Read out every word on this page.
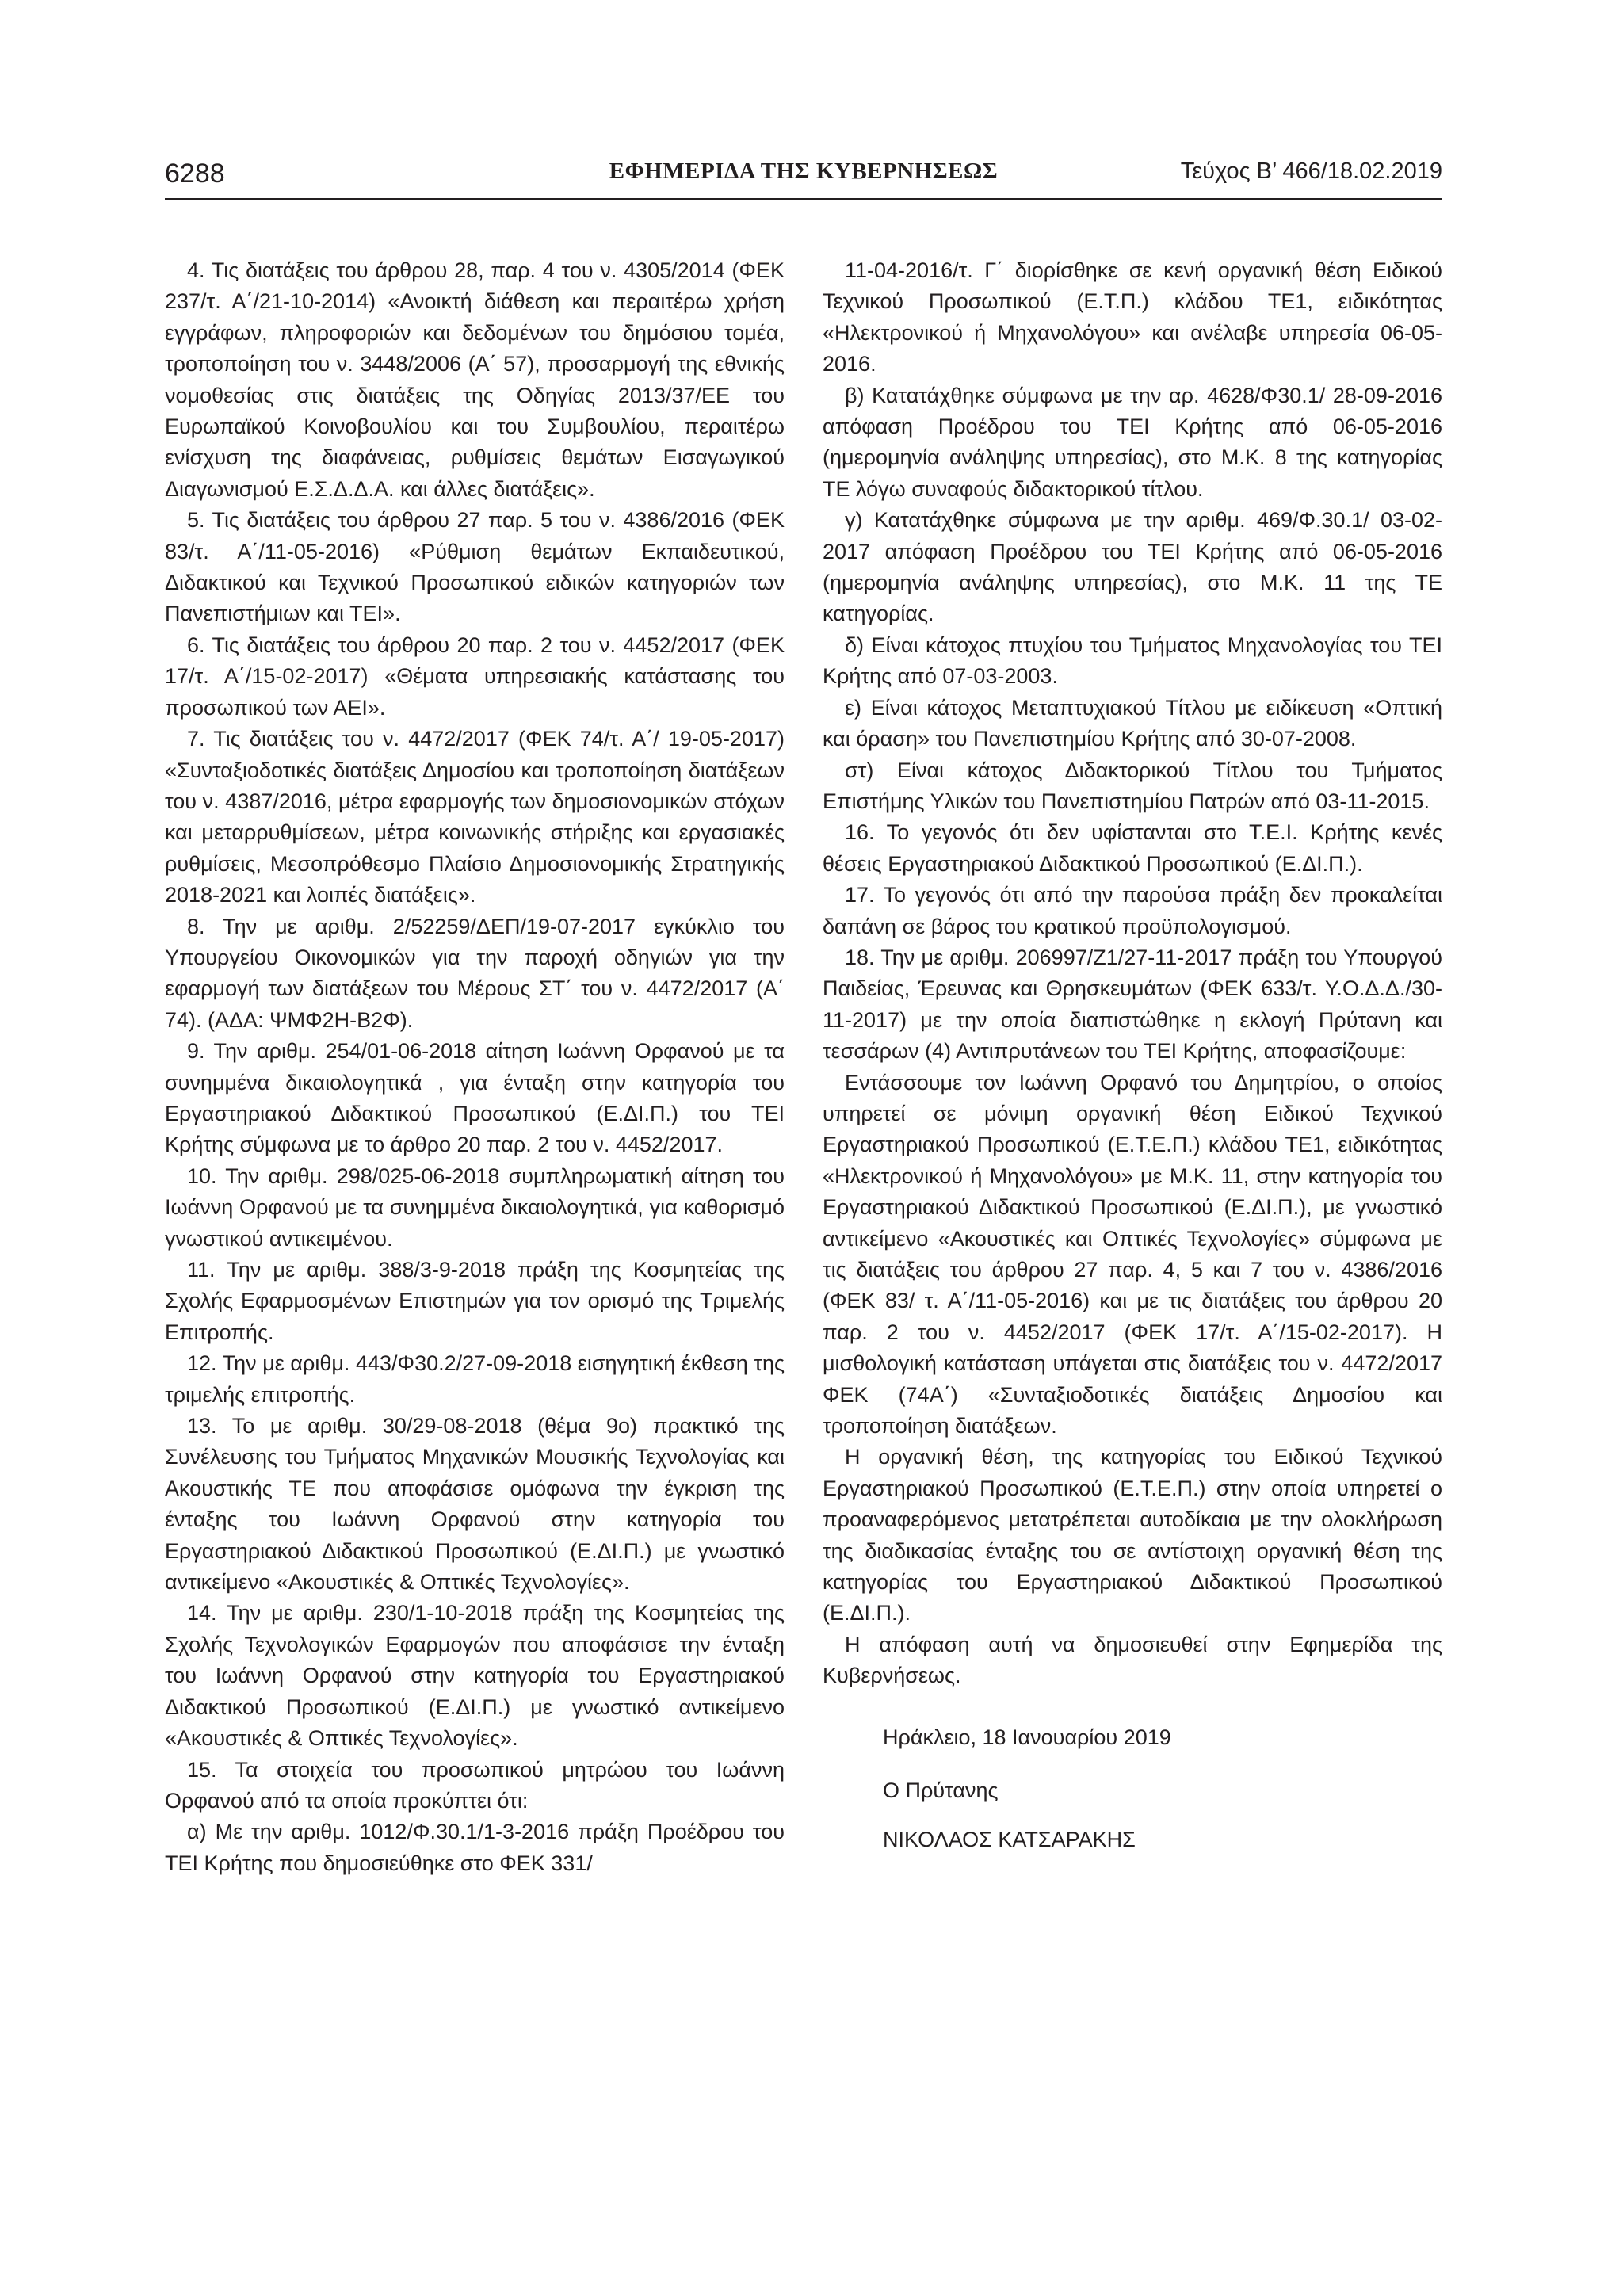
6288	ΕΦΗΜΕΡΙΔΑ ΤΗΣ ΚΥΒΕΡΝΗΣΕΩΣ	Τεύχος Β’ 466/18.02.2019

4. Τις διατάξεις του άρθρου 28, παρ. 4 του ν. 4305/2014 (ΦΕΚ 237/τ. Α΄/21-10-2014) «Ανοικτή διάθεση και περαιτέρω χρήση εγγράφων, πληροφοριών και δεδομένων του δημόσιου τομέα, τροποποίηση του ν. 3448/2006 (Α΄ 57), προσαρμογή της εθνικής νομοθεσίας στις διατάξεις της Οδηγίας 2013/37/ΕΕ του Ευρωπαϊκού Κοινοβουλίου και του Συμβουλίου, περαιτέρω ενίσχυση της διαφάνειας, ρυθμίσεις θεμάτων Εισαγωγικού Διαγωνισμού Ε.Σ.Δ.Δ.Α. και άλλες διατάξεις».

5. Τις διατάξεις του άρθρου 27 παρ. 5 του ν. 4386/2016 (ΦΕΚ 83/τ. Α΄/11-05-2016) «Ρύθμιση θεμάτων Εκπαιδευτικού, Διδακτικού και Τεχνικού Προσωπικού ειδικών κατηγοριών των Πανεπιστήμιων και ΤΕΙ».

6. Τις διατάξεις του άρθρου 20 παρ. 2 του ν. 4452/2017 (ΦΕΚ 17/τ. Α΄/15-02-2017) «Θέματα υπηρεσιακής κατάστασης του προσωπικού των ΑΕΙ».

7. Τις διατάξεις του ν. 4472/2017 (ΦΕΚ 74/τ. Α΄/ 19-05-2017) «Συνταξιοδοτικές διατάξεις Δημοσίου και τροποποίηση διατάξεων του ν. 4387/2016, μέτρα εφαρμογής των δημοσιονομικών στόχων και μεταρρυθμίσεων, μέτρα κοινωνικής στήριξης και εργασιακές ρυθμίσεις, Μεσοπρόθεσμο Πλαίσιο Δημοσιονομικής Στρατηγικής 2018-2021 και λοιπές διατάξεις».

8. Την με αριθμ. 2/52259/ΔΕΠ/19-07-2017 εγκύκλιο του Υπουργείου Οικονομικών για την παροχή οδηγιών για την εφαρμογή των διατάξεων του Μέρους ΣΤ΄ του ν. 4472/2017 (Α΄ 74). (ΑΔΑ: ΨΜΦ2Η-Β2Φ).

9. Την αριθμ. 254/01-06-2018 αίτηση Ιωάννη Ορφανού με τα συνημμένα δικαιολογητικά , για ένταξη στην κατηγορία του Εργαστηριακού Διδακτικού Προσωπικού (Ε.ΔΙ.Π.) του ΤΕΙ Κρήτης σύμφωνα με το άρθρο 20 παρ. 2 του ν. 4452/2017.

10. Την αριθμ. 298/025-06-2018 συμπληρωματική αίτηση του Ιωάννη Ορφανού με τα συνημμένα δικαιολογητικά, για καθορισμό γνωστικού αντικειμένου.

11. Την με αριθμ. 388/3-9-2018 πράξη της Κοσμητείας της Σχολής Εφαρμοσμένων Επιστημών για τον ορισμό της Τριμελής Επιτροπής.

12. Την με αριθμ. 443/Φ30.2/27-09-2018 εισηγητική έκθεση της τριμελής επιτροπής.

13. Το με αριθμ. 30/29-08-2018 (θέμα 9ο) πρακτικό της Συνέλευσης του Τμήματος Μηχανικών Μουσικής Τεχνολογίας και Ακουστικής ΤΕ που αποφάσισε ομόφωνα την έγκριση της ένταξης του Ιωάννη Ορφανού στην κατηγορία του Εργαστηριακού Διδακτικού Προσωπικού (Ε.ΔΙ.Π.) με γνωστικό αντικείμενο «Ακουστικές & Οπτικές Τεχνολογίες».

14. Την με αριθμ. 230/1-10-2018 πράξη της Κοσμητείας της Σχολής Τεχνολογικών Εφαρμογών που αποφάσισε την ένταξη του Ιωάννη Ορφανού στην κατηγορία του Εργαστηριακού Διδακτικού Προσωπικού (Ε.ΔΙ.Π.) με γνωστικό αντικείμενο «Ακουστικές & Οπτικές Τεχνολογίες».

15. Τα στοιχεία του προσωπικού μητρώου του Ιωάννη Ορφανού από τα οποία προκύπτει ότι:

α) Με την αριθμ. 1012/Φ.30.1/1-3-2016 πράξη Προέδρου του ΤΕΙ Κρήτης που δημοσιεύθηκε στο ΦΕΚ 331/

11-04-2016/τ. Γ΄ διορίσθηκε σε κενή οργανική θέση Ειδικού Τεχνικού Προσωπικού (Ε.Τ.Π.) κλάδου ΤΕ1, ειδικότητας «Ηλεκτρονικού ή Μηχανολόγου» και ανέλαβε υπηρεσία 06-05-2016.

β) Κατατάχθηκε σύμφωνα με την αρ. 4628/Φ30.1/ 28-09-2016 απόφαση Προέδρου του ΤΕΙ Κρήτης από 06-05-2016 (ημερομηνία ανάληψης υπηρεσίας), στο Μ.Κ. 8 της κατηγορίας ΤΕ λόγω συναφούς διδακτορικού τίτλου.

γ) Κατατάχθηκε σύμφωνα με την αριθμ. 469/Φ.30.1/ 03-02-2017 απόφαση Προέδρου του ΤΕΙ Κρήτης από 06-05-2016 (ημερομηνία ανάληψης υπηρεσίας), στο Μ.Κ. 11 της ΤΕ κατηγορίας.

δ) Είναι κάτοχος πτυχίου του Τμήματος Μηχανολογίας του ΤΕΙ Κρήτης από 07-03-2003.

ε) Είναι κάτοχος Μεταπτυχιακού Τίτλου με ειδίκευση «Οπτική και όραση» του Πανεπιστημίου Κρήτης από 30-07-2008.

στ) Είναι κάτοχος Διδακτορικού Τίτλου του Τμήματος Επιστήμης Υλικών του Πανεπιστημίου Πατρών από 03-11-2015.

16. Το γεγονός ότι δεν υφίστανται στο Τ.Ε.Ι. Κρήτης κενές θέσεις Εργαστηριακού Διδακτικού Προσωπικού (Ε.ΔΙ.Π.).

17. Το γεγονός ότι από την παρούσα πράξη δεν προκαλείται δαπάνη σε βάρος του κρατικού προϋπολογισμού.

18. Την με αριθμ. 206997/Ζ1/27-11-2017 πράξη του Υπουργού Παιδείας, Έρευνας και Θρησκευμάτων (ΦΕΚ 633/τ. Υ.Ο.Δ.Δ./30-11-2017) με την οποία διαπιστώθηκε η εκλογή Πρύτανη και τεσσάρων (4) Αντιπρυτάνεων του ΤΕΙ Κρήτης, αποφασίζουμε:

Εντάσσουμε τον Ιωάννη Ορφανό του Δημητρίου, ο οποίος υπηρετεί σε μόνιμη οργανική θέση Ειδικού Τεχνικού Εργαστηριακού Προσωπικού (Ε.Τ.Ε.Π.) κλάδου ΤΕ1, ειδικότητας «Ηλεκτρονικού ή Μηχανολόγου» με Μ.Κ. 11, στην κατηγορία του Εργαστηριακού Διδακτικού Προσωπικού (Ε.ΔΙ.Π.), με γνωστικό αντικείμενο «Ακουστικές και Οπτικές Τεχνολογίες» σύμφωνα με τις διατάξεις του άρθρου 27 παρ. 4, 5 και 7 του ν. 4386/2016 (ΦΕΚ 83/ τ. Α΄/11-05-2016) και με τις διατάξεις του άρθρου 20 παρ. 2 του ν. 4452/2017 (ΦΕΚ 17/τ. Α΄/15-02-2017). Η μισθολογική κατάσταση υπάγεται στις διατάξεις του ν. 4472/2017 ΦΕΚ (74Α΄) «Συνταξιοδοτικές διατάξεις Δημοσίου και τροποποίηση διατάξεων.

Η οργανική θέση, της κατηγορίας του Ειδικού Τεχνικού Εργαστηριακού Προσωπικού (Ε.Τ.Ε.Π.) στην οποία υπηρετεί ο προαναφερόμενος μετατρέπεται αυτοδίκαια με την ολοκλήρωση της διαδικασίας ένταξης του σε αντίστοιχη οργανική θέση της κατηγορίας του Εργαστηριακού Διδακτικού Προσωπικού (Ε.ΔΙ.Π.).

Η απόφαση αυτή να δημοσιευθεί στην Εφημερίδα της Κυβερνήσεως.

Ηράκλειο, 18 Ιανουαρίου 2019

Ο Πρύτανης

ΝΙΚΟΛΑΟΣ ΚΑΤΣΑΡΑΚΗΣ
